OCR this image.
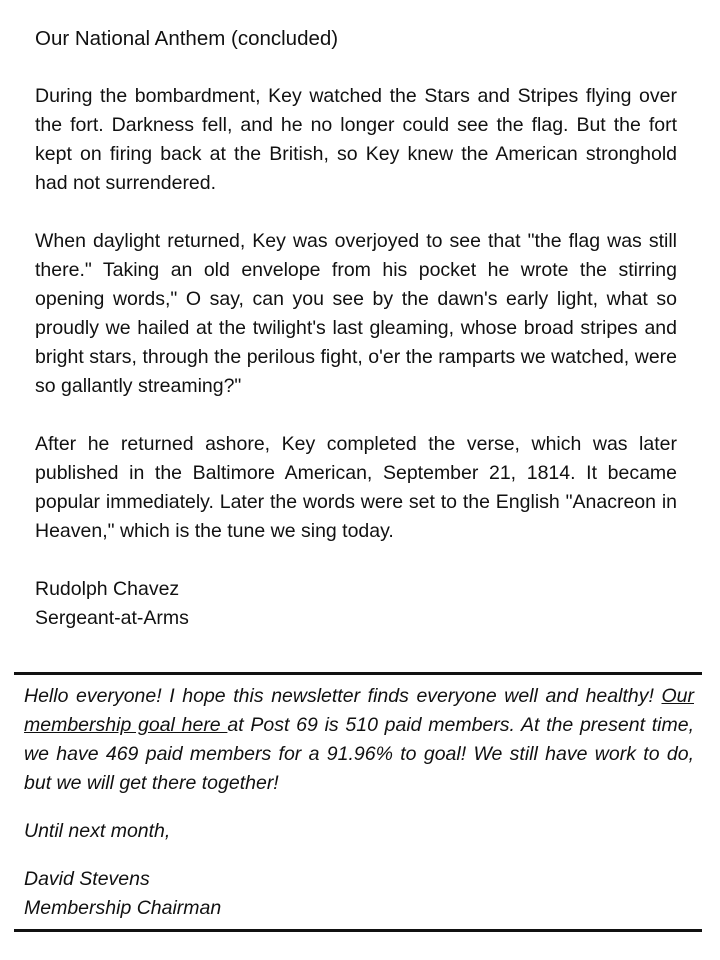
Our National Anthem (concluded)

During the bombardment, Key watched the Stars and Stripes flying over the fort. Darkness fell, and he no longer could see the flag. But the fort kept on firing back at the British, so Key knew the American stronghold had not surrendered.

When daylight returned, Key was overjoyed to see that "the flag was still there." Taking an old envelope from his pocket he wrote the stirring opening words," O say, can you see by the dawn's early light, what so proudly we hailed at the twilight's last gleaming, whose broad stripes and bright stars, through the perilous fight, o'er the ramparts we watched, were so gallantly streaming?"

After he returned ashore, Key completed the verse, which was later published in the Baltimore American, September 21, 1814. It became popular immediately. Later the words were set to the English "Anacreon in Heaven," which is the tune we sing today.

Rudolph Chavez

Sergeant-at-Arms

Hello everyone! I hope this newsletter finds everyone well and healthy! Our membership goal here at Post 69 is 510 paid members. At the present time, we have 469 paid members for a 91.96% to goal! We still have work to do, but we will get there together!

Until next month,

David Stevens

Membership Chairman
